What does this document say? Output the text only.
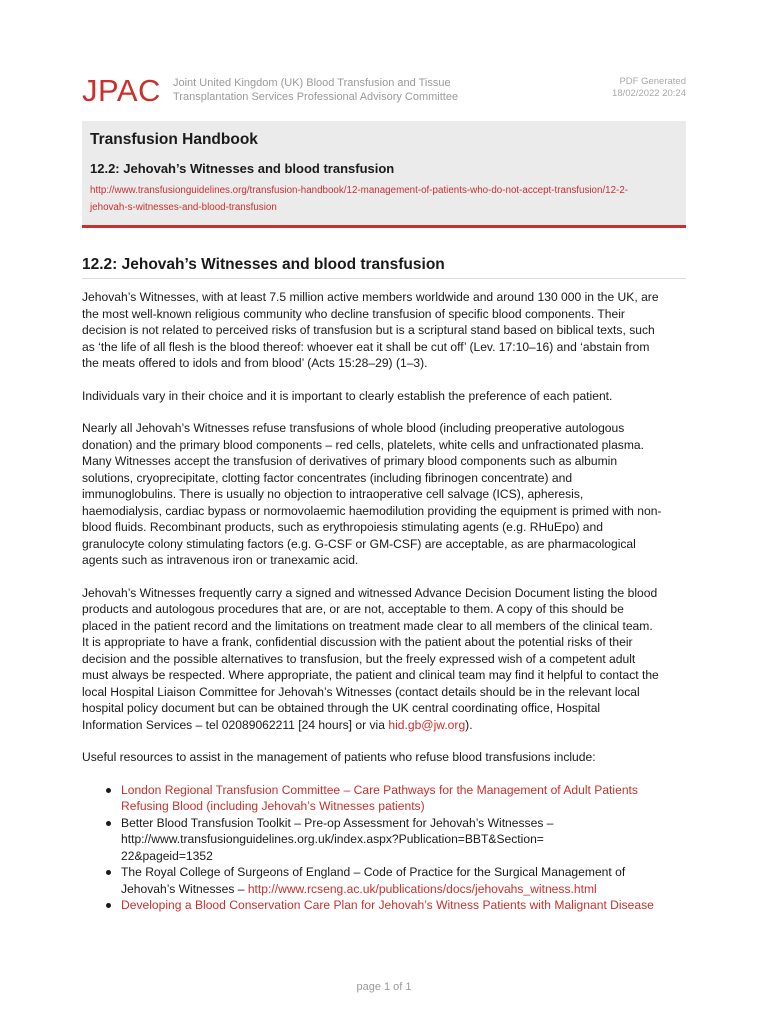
JPAC Joint United Kingdom (UK) Blood Transfusion and Tissue
Transplantation Services Professional Advisory Committee
PDF Generated
18/02/2022 20:24
Transfusion Handbook
12.2: Jehovah’s Witnesses and blood transfusion
http://www.transfusionguidelines.org/transfusion-handbook/12-management-of-patients-who-do-not-accept-transfusion/12-2-
jehovah-s-witnesses-and-blood-transfusion
12.2: Jehovah’s Witnesses and blood transfusion

Jehovah’s Witnesses, with at least 7.5 million active members worldwide and around 130 000 in the UK, are
the most well-known religious community who decline transfusion of specific blood components. Their
decision is not related to perceived risks of transfusion but is a scriptural stand based on biblical texts, such
as ‘the life of all flesh is the blood thereof: whoever eat it shall be cut off’ (Lev. 17:10–16) and ‘abstain from
the meats offered to idols and from blood’ (Acts 15:28–29) (1–3).

Individuals vary in their choice and it is important to clearly establish the preference of each patient.

Nearly all Jehovah’s Witnesses refuse transfusions of whole blood (including preoperative autologous
donation) and the primary blood components – red cells, platelets, white cells and unfractionated plasma.
Many Witnesses accept the transfusion of derivatives of primary blood components such as albumin
solutions, cryoprecipitate, clotting factor concentrates (including fibrinogen concentrate) and
immunoglobulins. There is usually no objection to intraoperative cell salvage (ICS), apheresis,
haemodialysis, cardiac bypass or normovolaemic haemodilution providing the equipment is primed with non-
blood fluids. Recombinant products, such as erythropoiesis stimulating agents (e.g. RHuEpo) and
granulocyte colony stimulating factors (e.g. G-CSF or GM-CSF) are acceptable, as are pharmacological
agents such as intravenous iron or tranexamic acid.

Jehovah’s Witnesses frequently carry a signed and witnessed Advance Decision Document listing the blood
products and autologous procedures that are, or are not, acceptable to them. A copy of this should be
placed in the patient record and the limitations on treatment made clear to all members of the clinical team.
It is appropriate to have a frank, confidential discussion with the patient about the potential risks of their
decision and the possible alternatives to transfusion, but the freely expressed wish of a competent adult
must always be respected. Where appropriate, the patient and clinical team may find it helpful to contact the
local Hospital Liaison Committee for Jehovah’s Witnesses (contact details should be in the relevant local
hospital policy document but can be obtained through the UK central coordinating office, Hospital
Information Services – tel 02089062211 [24 hours] or via hid.gb@jw.org).

Useful resources to assist in the management of patients who refuse blood transfusions include:

London Regional Transfusion Committee – Care Pathways for the Management of Adult Patients
Refusing Blood (including Jehovah’s Witnesses patients)
Better Blood Transfusion Toolkit – Pre-op Assessment for Jehovah’s Witnesses –
http://www.transfusionguidelines.org.uk/index.aspx?Publication=BBT&Section=
22&pageid=1352
The Royal College of Surgeons of England – Code of Practice for the Surgical Management of
Jehovah’s Witnesses – http://www.rcseng.ac.uk/publications/docs/jehovahs_witness.html
Developing a Blood Conservation Care Plan for Jehovah’s Witness Patients with Malignant Disease
page 1 of 1
